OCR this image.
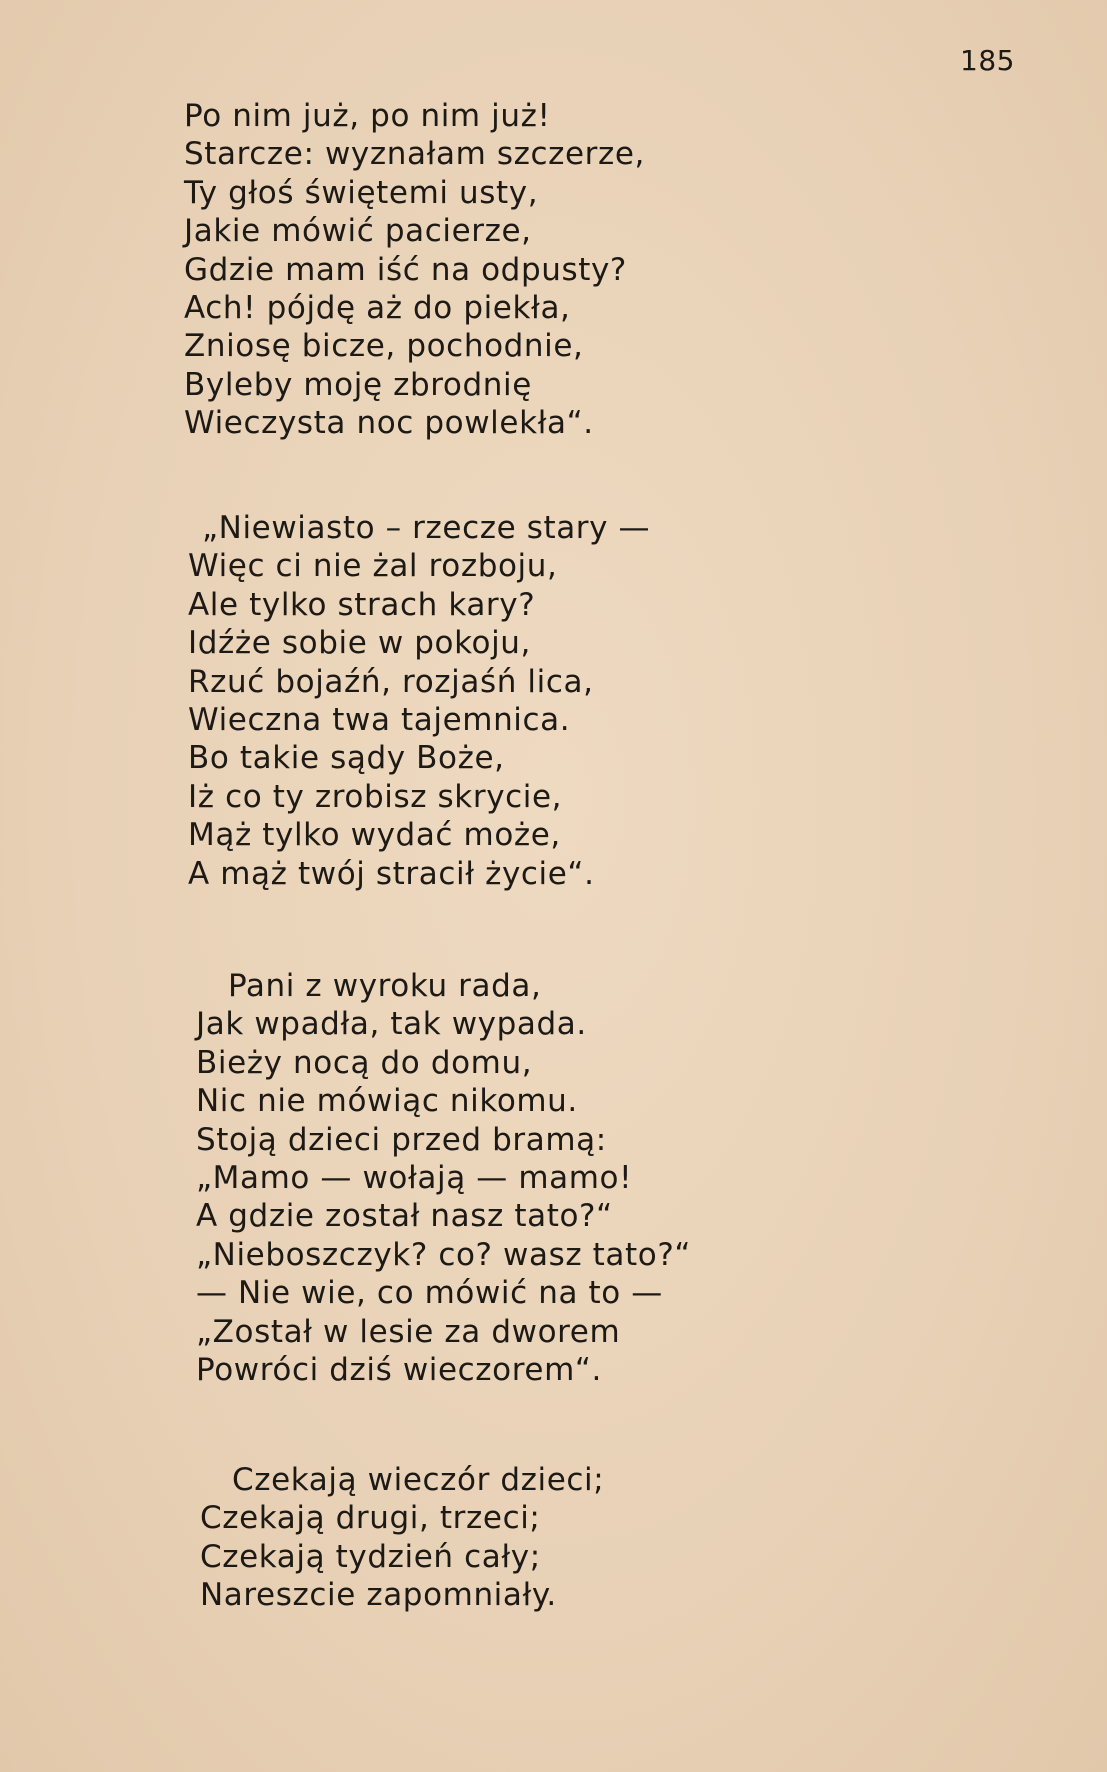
185
Po nim już, po nim już!
Starcze: wyznałam szczerze,
Ty głoś świętemi usty,
Jakie mówić pacierze,
Gdzie mam iść na odpusty?
Ach! pójdę aż do piekła,
Zniosę bicze, pochodnie,
Byleby moję zbrodnię
Wieczysta noc powlekła“.
„Niewiasto – rzecze stary —
Więc ci nie żal rozboju,
Ale tylko strach kary?
Idźże sobie w pokoju,
Rzuć bojaźń, rozjaśń lica,
Wieczna twa tajemnica.
Bo takie sądy Boże,
Iż co ty zrobisz skrycie,
Mąż tylko wydać może,
A mąż twój stracił życie“.
Pani z wyroku rada,
Jak wpadła, tak wypada.
Bieży nocą do domu,
Nic nie mówiąc nikomu.
Stoją dzieci przed bramą:
„Mamo — wołają — mamo!
A gdzie został nasz tato?“
„Nieboszczyk? co? wasz tato?“
— Nie wie, co mówić na to —
„Został w lesie za dworem
Powróci dziś wieczorem“.
Czekają wieczór dzieci;
Czekają drugi, trzeci;
Czekają tydzień cały;
Nareszcie zapomniały.
